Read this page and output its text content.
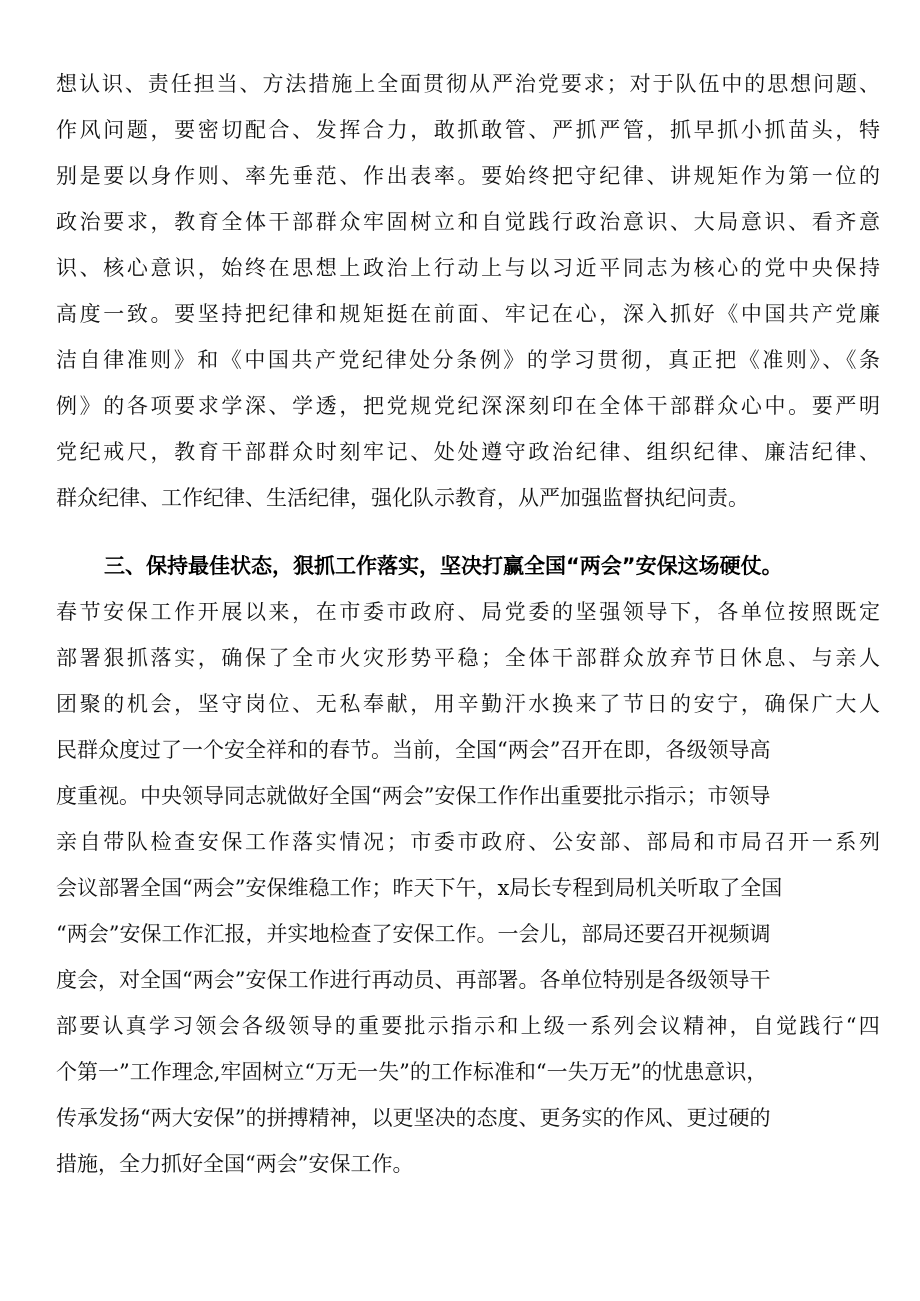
想认识、责任担当、方法措施上全面贯彻从严治党要求；对于队伍中的思想问题、

作风问题，要密切配合、发挥合力，敢抓敢管、严抓严管，抓早抓小抓苗头，特

别是要以身作则、率先垂范、作出表率。要始终把守纪律、讲规矩作为第一位的

政治要求，教育全体干部群众牢固树立和自觉践行政治意识、大局意识、看齐意

识、核心意识，始终在思想上政治上行动上与以习近平同志为核心的党中央保持

高度一致。要坚持把纪律和规矩挺在前面、牢记在心，深入抓好《中国共产党廉

洁自律准则》和《中国共产党纪律处分条例》的学习贯彻，真正把《准则》、《条

例》的各项要求学深、学透，把党规党纪深深刻印在全体干部群众心中。要严明

党纪戒尺，教育干部群众时刻牢记、处处遵守政治纪律、组织纪律、廉洁纪律、

群众纪律、工作纪律、生活纪律，强化队示教育，从严加强监督执纪问责。

三、保持最佳状态，狠抓工作落实，坚决打赢全国“两会”安保这场硬仗。

春节安保工作开展以来，在市委市政府、局党委的坚强领导下，各单位按照既定

部署狠抓落实，确保了全市火灾形势平稳；全体干部群众放弃节日休息、与亲人

团聚的机会，坚守岗位、无私奉献，用辛勤汗水换来了节日的安宁，确保广大人

民群众度过了一个安全祥和的春节。当前，全国“两会”召开在即，各级领导高

度重视。中央领导同志就做好全国“两会”安保工作作出重要批示指示；市领导

亲自带队检查安保工作落实情况；市委市政府、公安部、部局和市局召开一系列

会议部署全国“两会”安保维稳工作；昨天下午，x局长专程到局机关听取了全国

“两会”安保工作汇报，并实地检查了安保工作。一会儿，部局还要召开视频调

度会，对全国“两会”安保工作进行再动员、再部署。各单位特别是各级领导干

部要认真学习领会各级领导的重要批示指示和上级一系列会议精神，自觉践行“四

个第一”工作理念,牢固树立“万无一失”的工作标准和“一失万无”的忧患意识，

传承发扬“两大安保”的拼搏精神，以更坚决的态度、更务实的作风、更过硬的

措施，全力抓好全国“两会”安保工作。
